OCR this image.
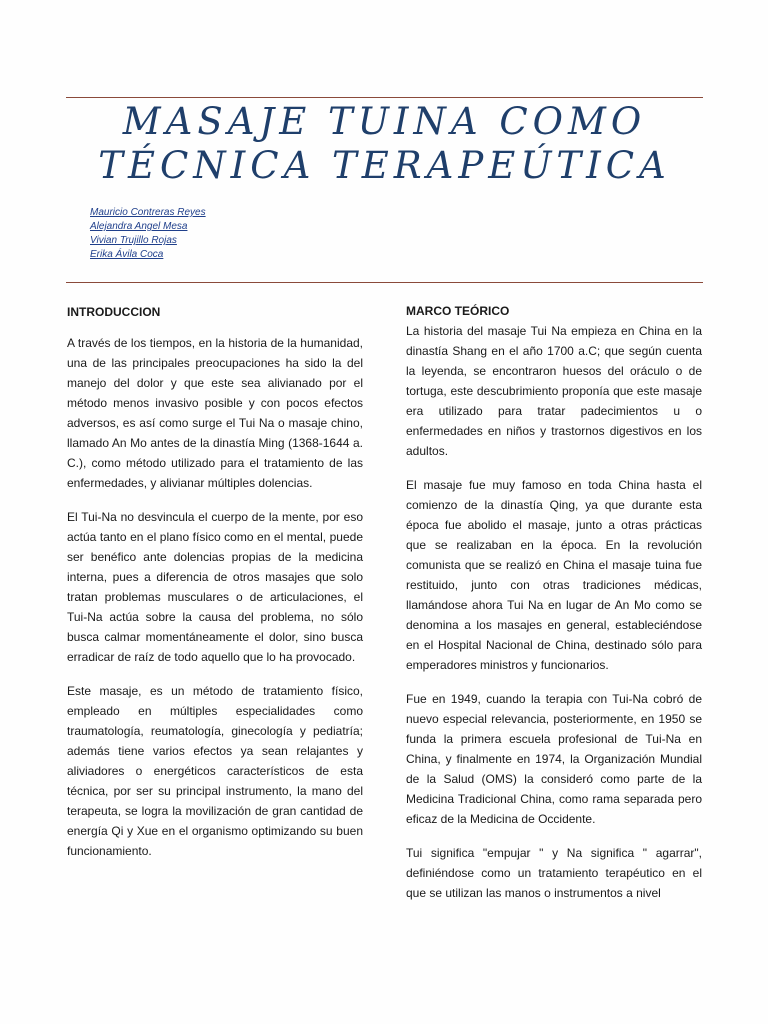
MASAJE TUINA COMO
TÉCNICA TERAPEÚTICA
Mauricio Contreras Reyes
Alejandra Angel Mesa
Vivian Trujillo Rojas
Erika Ávila Coca
INTRODUCCION

A través de los tiempos, en la historia de la humanidad, una de las principales preocupaciones ha sido la del manejo del dolor y que este sea alivianado por el método menos invasivo posible y con pocos efectos adversos, es así como surge el Tui Na o masaje chino, llamado An Mo antes de la dinastía Ming (1368-1644 a. C.), como método utilizado para el tratamiento de las enfermedades, y alivianar múltiples dolencias.

El Tui-Na no desvincula el cuerpo de la mente, por eso actúa tanto en el plano físico como en el mental, puede ser benéfico ante dolencias propias de la medicina interna, pues a diferencia de otros masajes que solo tratan problemas musculares o de articulaciones, el Tui-Na actúa sobre la causa del problema, no sólo busca calmar momentáneamente el dolor, sino busca erradicar de raíz de todo aquello que lo ha provocado.

Este masaje, es un método de tratamiento físico, empleado en múltiples especialidades como traumatología, reumatología, ginecología y pediatría; además tiene varios efectos ya sean relajantes y aliviadores o energéticos característicos de esta técnica, por ser su principal instrumento, la mano del terapeuta, se logra la movilización de gran cantidad de energía Qi y Xue en el organismo optimizando su buen funcionamiento.

MARCO TEÓRICO

La historia del masaje Tui Na empieza en China en la dinastía Shang en el año 1700 a.C; que según cuenta la leyenda, se encontraron huesos del oráculo o de tortuga, este descubrimiento proponía que este masaje era utilizado para tratar padecimientos u o enfermedades en niños y trastornos digestivos en los adultos.

El masaje fue muy famoso en toda China hasta el comienzo de la dinastía Qing, ya que durante esta época fue abolido el masaje, junto a otras prácticas que se realizaban en la época. En la revolución comunista que se realizó en China el masaje tuina fue restituido, junto con otras tradiciones médicas, llamándose ahora Tui Na en lugar de An Mo como se denomina a los masajes en general, estableciéndose en el Hospital Nacional de China, destinado sólo para emperadores ministros y funcionarios.

Fue en 1949, cuando la terapia con Tui-Na cobró de nuevo especial relevancia, posteriormente, en 1950 se funda la primera escuela profesional de Tui-Na en China, y finalmente en 1974, la Organización Mundial de la Salud (OMS) la consideró como parte de la Medicina Tradicional China, como rama separada pero eficaz de la Medicina de Occidente.

Tui significa "empujar " y Na significa " agarrar", definiéndose como un tratamiento terapéutico en el que se utilizan las manos o instrumentos a nivel
